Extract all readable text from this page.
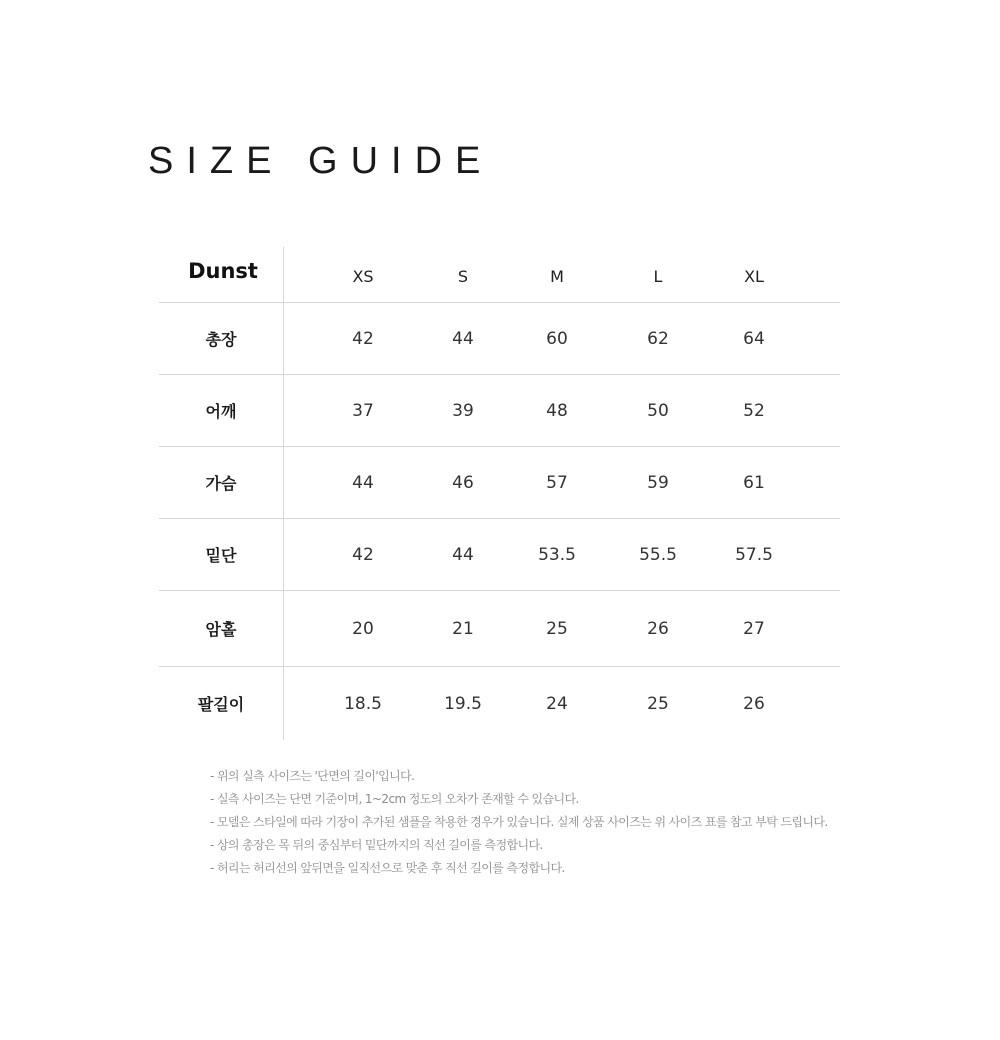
SIZE GUIDE
Dunst	XS	S	M	L	XL
총장	42	44	60	62	64
어깨	37	39	48	50	52
가슴	44	46	57	59	61
밑단	42	44	53.5	55.5	57.5
암홀	20	21	25	26	27
팔길이	18.5	19.5	24	25	26
- 위의 실측 사이즈는 '단면의 길이'입니다.
- 실측 사이즈는 단면 기준이며, 1~2cm 정도의 오차가 존재할 수 있습니다.
- 모델은 스타일에 따라 기장이 추가된 샘플을 착용한 경우가 있습니다. 실제 상품 사이즈는 위 사이즈 표를 참고 부탁 드립니다.
- 상의 총장은 목 뒤의 중심부터 밑단까지의 직선 길이를 측정합니다.
- 허리는 허리선의 앞뒤면을 일직선으로 맞춘 후 직선 길이를 측정합니다.
